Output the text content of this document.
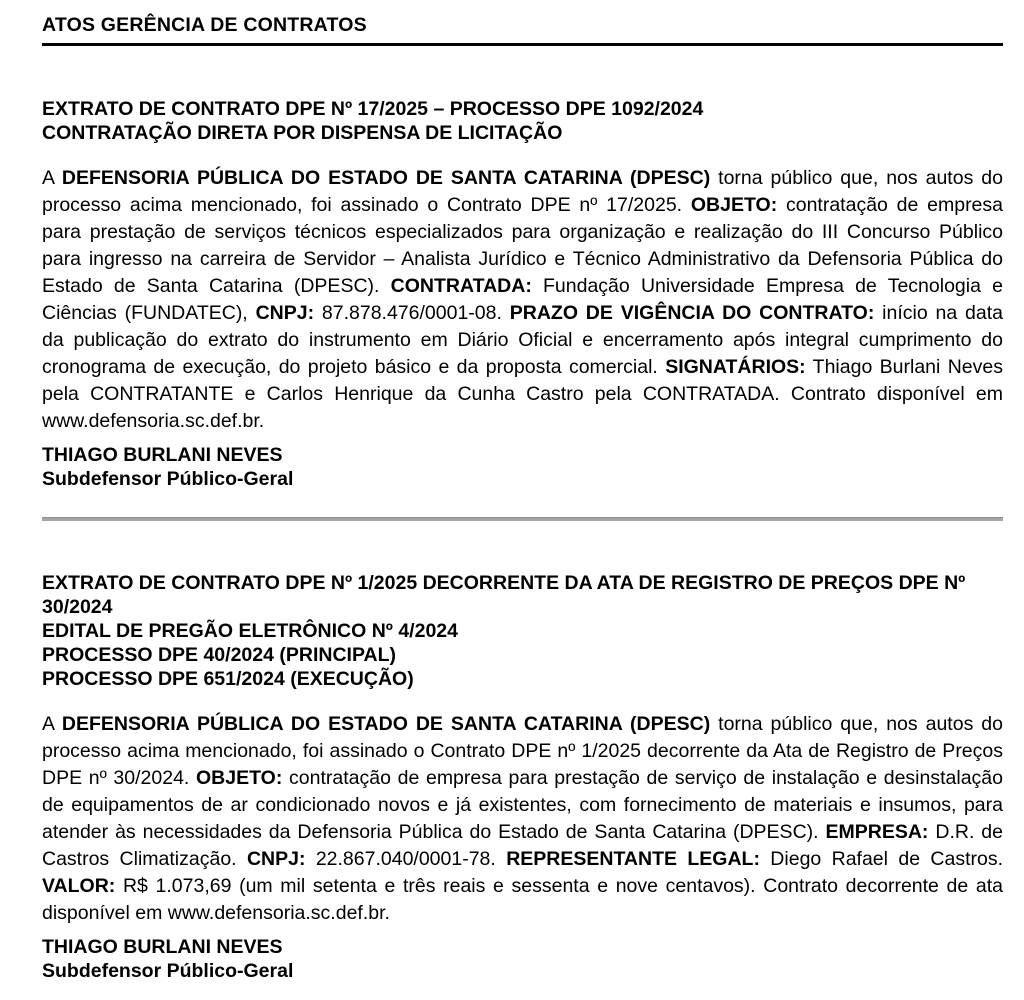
ATOS GERÊNCIA DE CONTRATOS
EXTRATO DE CONTRATO DPE Nº 17/2025 – PROCESSO DPE 1092/2024
CONTRATAÇÃO DIRETA POR DISPENSA DE LICITAÇÃO

A DEFENSORIA PÚBLICA DO ESTADO DE SANTA CATARINA (DPESC) torna público que, nos autos do processo acima mencionado, foi assinado o Contrato DPE nº 17/2025. OBJETO: contratação de empresa para prestação de serviços técnicos especializados para organização e realização do III Concurso Público para ingresso na carreira de Servidor – Analista Jurídico e Técnico Administrativo da Defensoria Pública do Estado de Santa Catarina (DPESC). CONTRATADA: Fundação Universidade Empresa de Tecnologia e Ciências (FUNDATEC), CNPJ: 87.878.476/0001-08. PRAZO DE VIGÊNCIA DO CONTRATO: início na data da publicação do extrato do instrumento em Diário Oficial e encerramento após integral cumprimento do cronograma de execução, do projeto básico e da proposta comercial. SIGNATÁRIOS: Thiago Burlani Neves pela CONTRATANTE e Carlos Henrique da Cunha Castro pela CONTRATADA. Contrato disponível em www.defensoria.sc.def.br.

THIAGO BURLANI NEVES
Subdefensor Público-Geral
EXTRATO DE CONTRATO DPE Nº 1/2025 DECORRENTE DA ATA DE REGISTRO DE PREÇOS DPE Nº 30/2024
EDITAL DE PREGÃO ELETRÔNICO Nº 4/2024
PROCESSO DPE 40/2024 (PRINCIPAL)
PROCESSO DPE 651/2024 (EXECUÇÃO)

A DEFENSORIA PÚBLICA DO ESTADO DE SANTA CATARINA (DPESC) torna público que, nos autos do processo acima mencionado, foi assinado o Contrato DPE nº 1/2025 decorrente da Ata de Registro de Preços DPE nº 30/2024. OBJETO: contratação de empresa para prestação de serviço de instalação e desinstalação de equipamentos de ar condicionado novos e já existentes, com fornecimento de materiais e insumos, para atender às necessidades da Defensoria Pública do Estado de Santa Catarina (DPESC). EMPRESA: D.R. de Castros Climatização. CNPJ: 22.867.040/0001-78. REPRESENTANTE LEGAL: Diego Rafael de Castros. VALOR: R$ 1.073,69 (um mil setenta e três reais e sessenta e nove centavos). Contrato decorrente de ata disponível em www.defensoria.sc.def.br.

THIAGO BURLANI NEVES
Subdefensor Público-Geral
